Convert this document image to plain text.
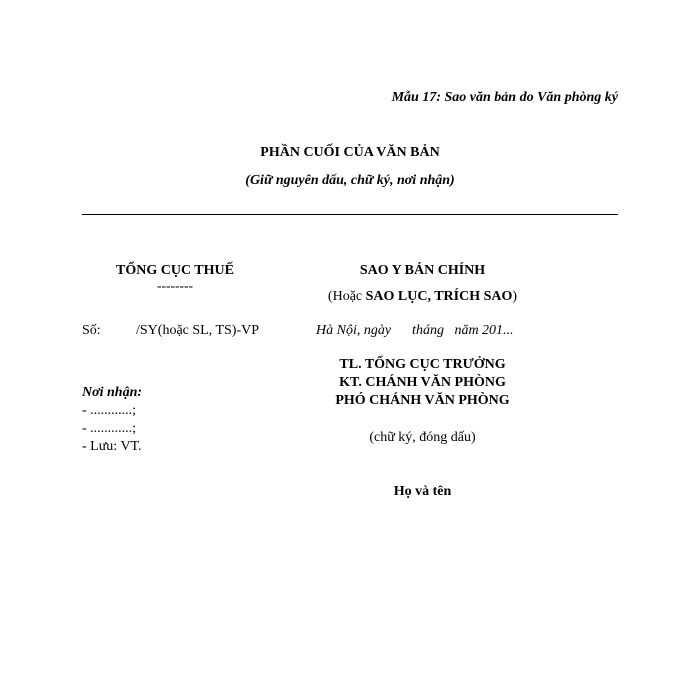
Mẫu 17: Sao văn bản do Văn phòng ký
PHẦN CUỐI CỦA VĂN BẢN
(Giữ nguyên dấu, chữ ký, nơi nhận)
TỔNG CỤC THUẾ
--------
Số:	/SY(hoặc SL, TS)-VP
Nơi nhận:
- ............;
- ............;
- Lưu: VT.
SAO Y BẢN CHÍNH
(Hoặc SAO LỤC, TRÍCH SAO)
Hà Nội, ngày      tháng   năm 201...
TL. TỔNG CỤC TRƯỞNG
KT. CHÁNH VĂN PHÒNG
PHÓ CHÁNH VĂN PHÒNG
(chữ ký, đóng dấu)
Họ và tên
